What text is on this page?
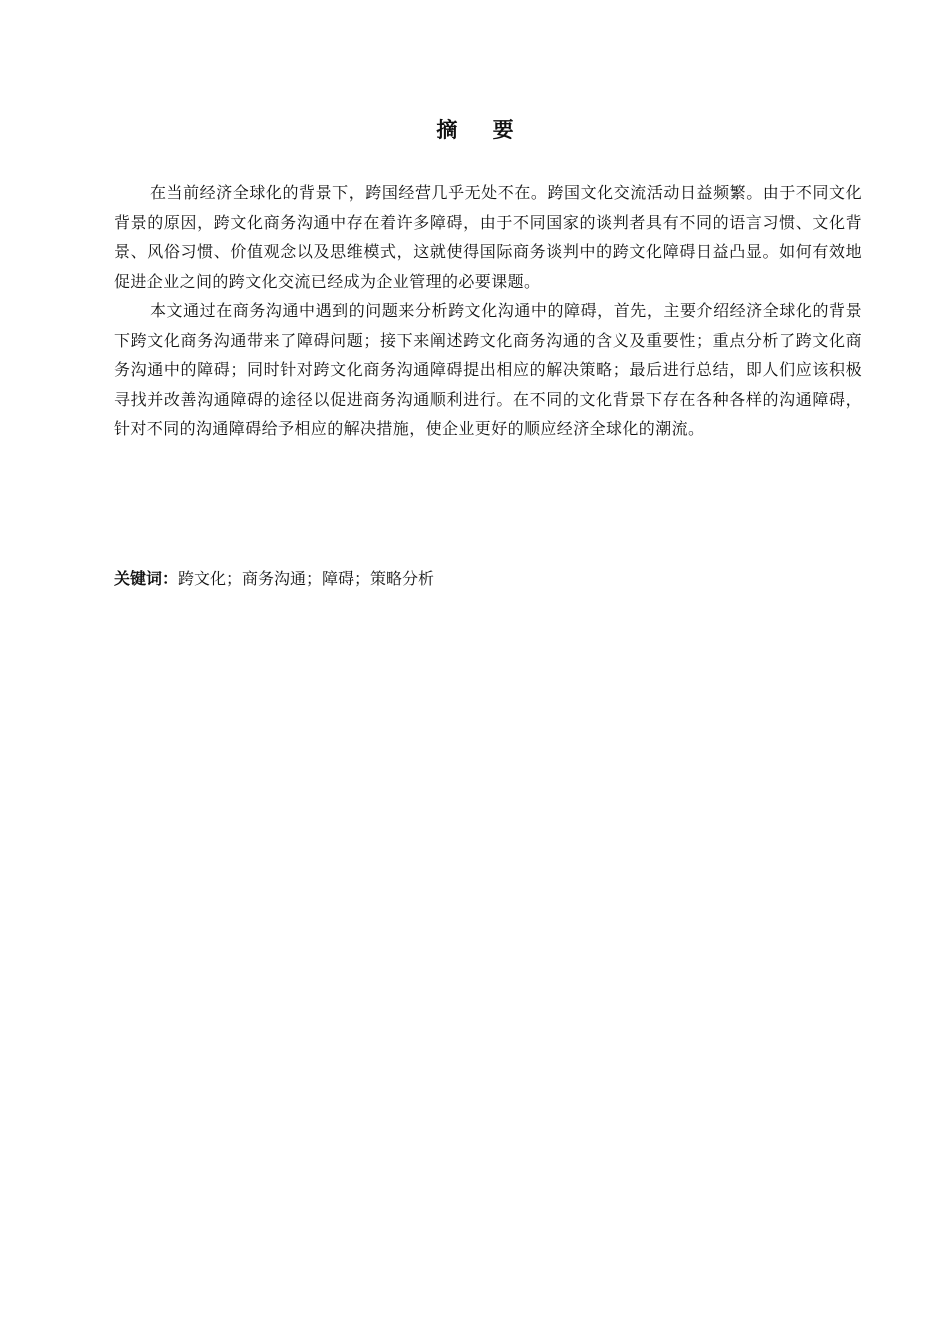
摘 要

在当前经济全球化的背景下，跨国经营几乎无处不在。跨国文化交流活动日益频繁。由于不同文化背景的原因，跨文化商务沟通中存在着许多障碍，由于不同国家的谈判者具有不同的语言习惯、文化背景、风俗习惯、价值观念以及思维模式，这就使得国际商务谈判中的跨文化障碍日益凸显。如何有效地促进企业之间的跨文化交流已经成为企业管理的必要课题。

本文通过在商务沟通中遇到的问题来分析跨文化沟通中的障碍，首先，主要介绍经济全球化的背景下跨文化商务沟通带来了障碍问题；接下来阐述跨文化商务沟通的含义及重要性；重点分析了跨文化商务沟通中的障碍；同时针对跨文化商务沟通障碍提出相应的解决策略；最后进行总结，即人们应该积极寻找并改善沟通障碍的途径以促进商务沟通顺利进行。在不同的文化背景下存在各种各样的沟通障碍，针对不同的沟通障碍给予相应的解决措施，使企业更好的顺应经济全球化的潮流。

关键词：跨文化；商务沟通；障碍；策略分析
